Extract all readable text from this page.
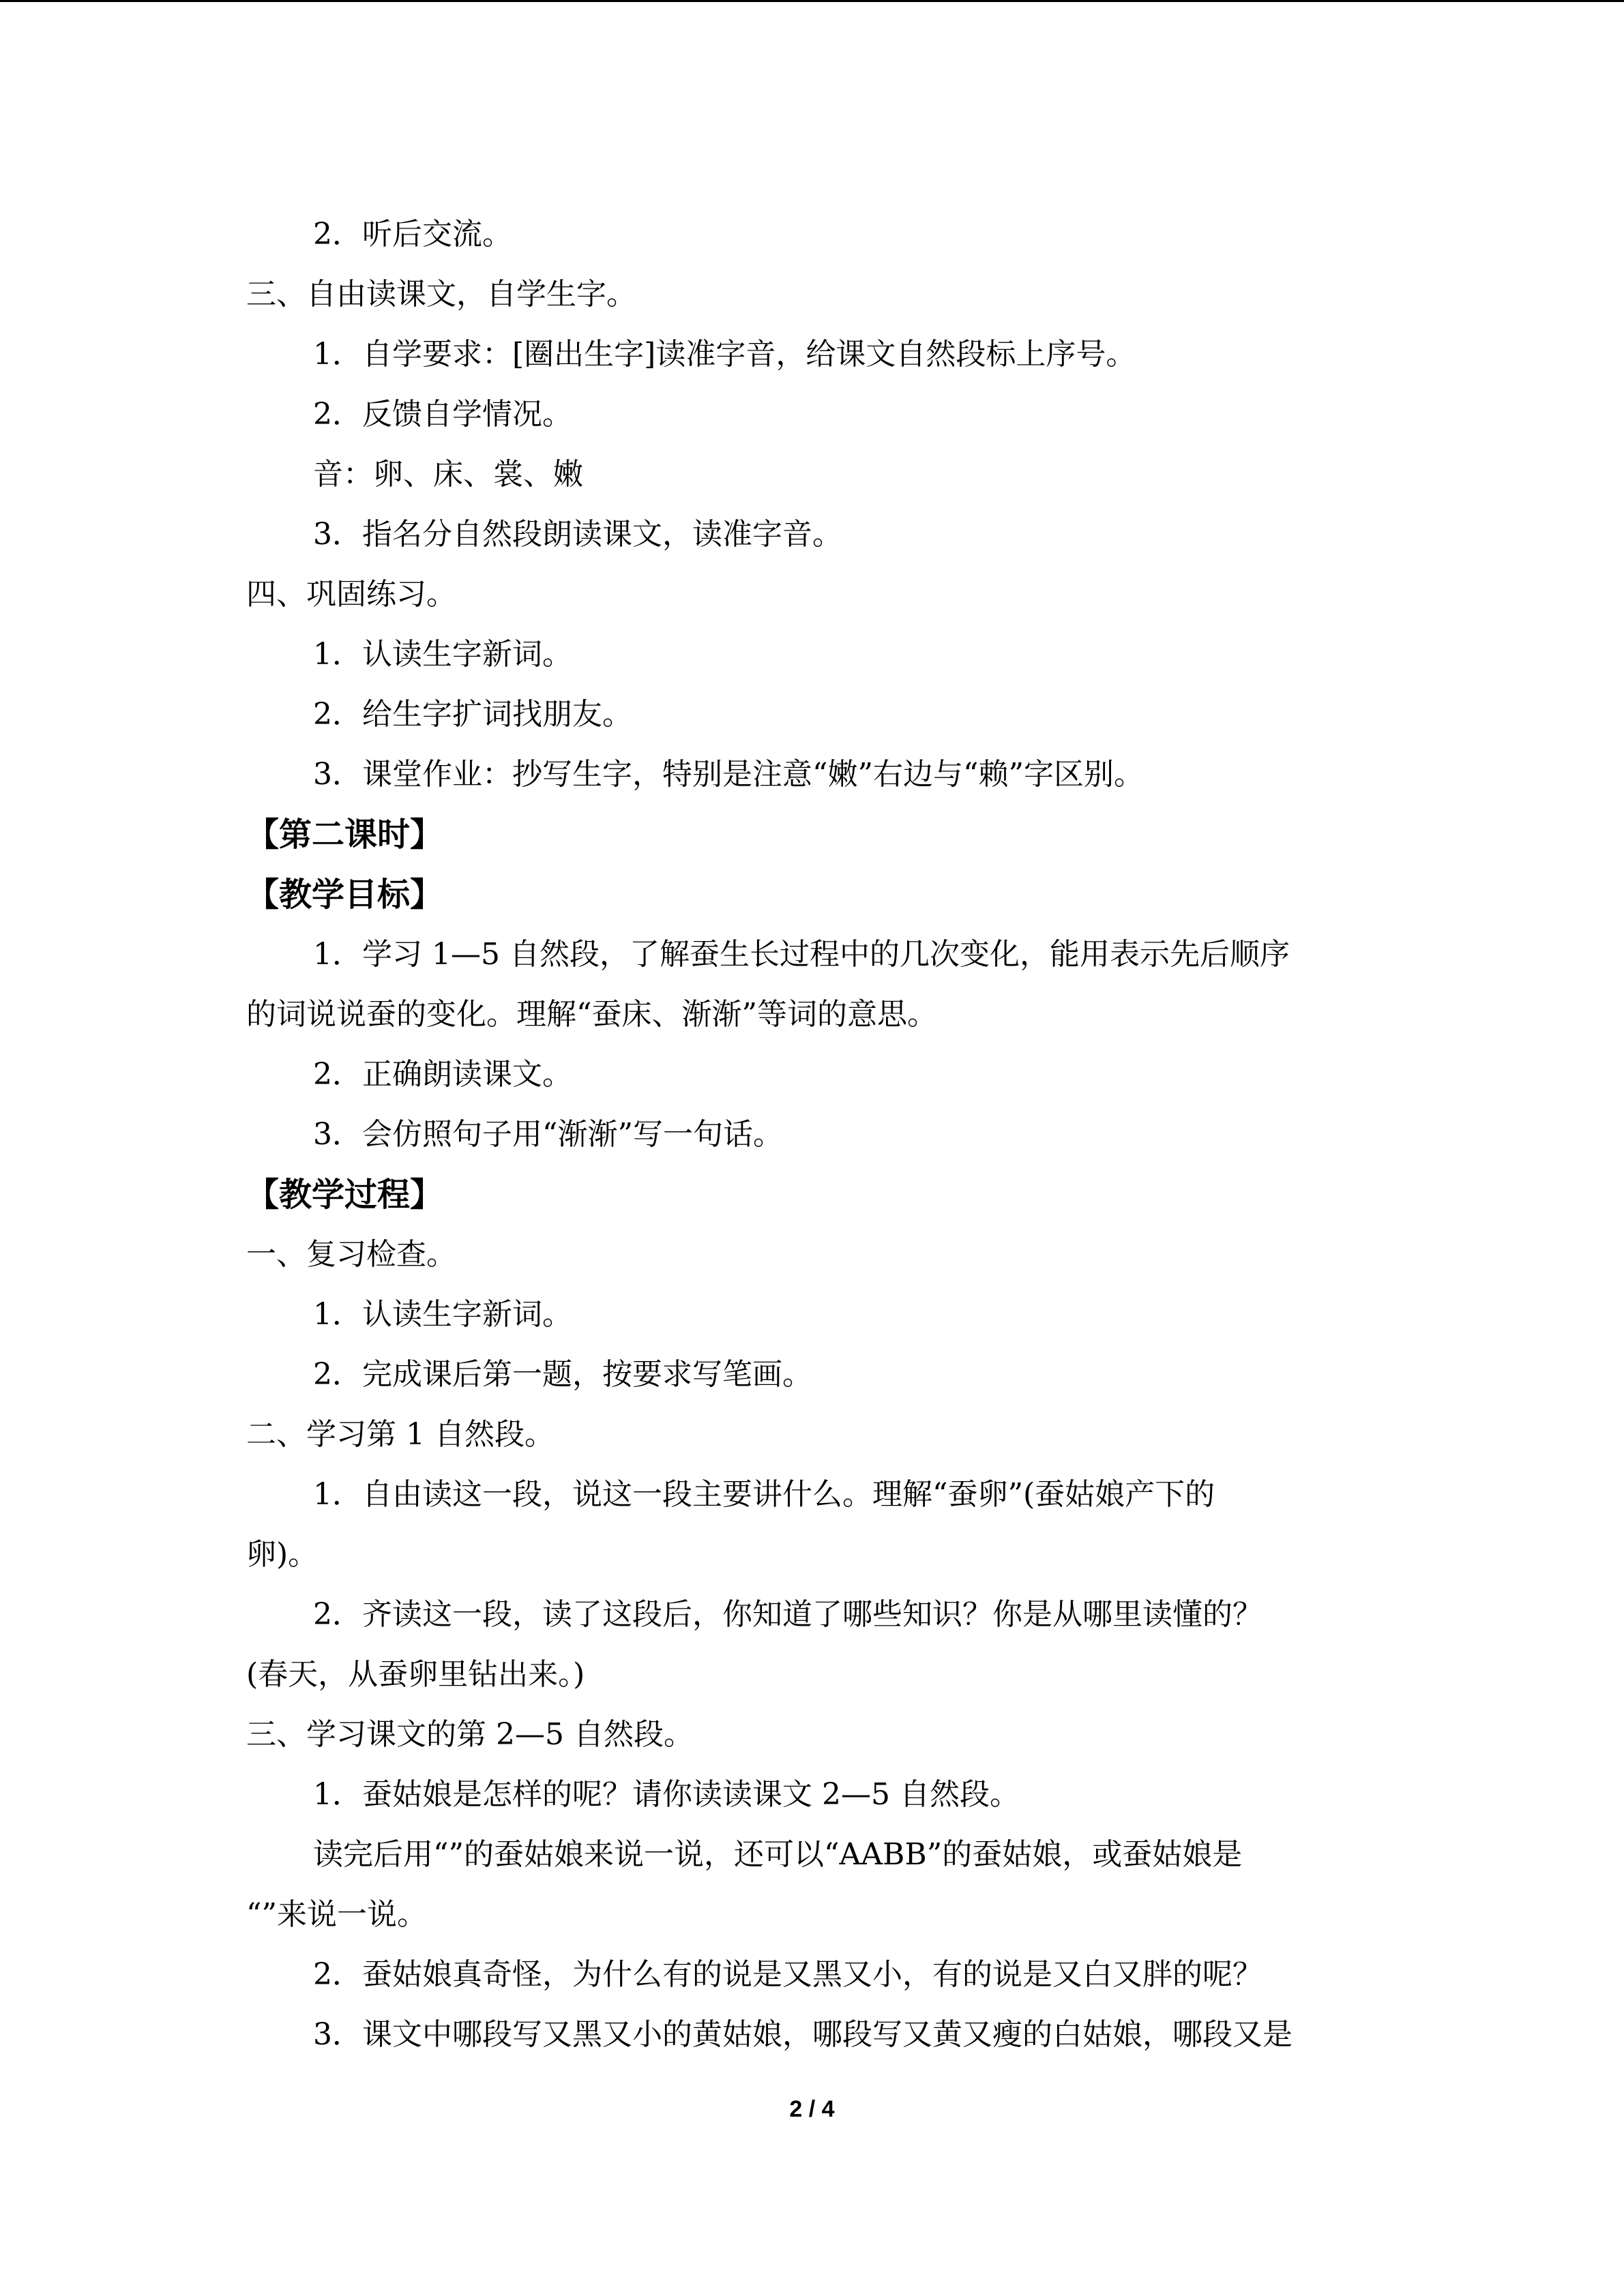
2．听后交流。
三、自由读课文，自学生字。
1．自学要求：[圈出生字]读准字音，给课文自然段标上序号。
2．反馈自学情况。
音：卵、床、裳、嫩
3．指名分自然段朗读课文，读准字音。
四、巩固练习。
1．认读生字新词。
2．给生字扩词找朋友。
3．课堂作业：抄写生字，特别是注意“嫩”右边与“赖”字区别。
【第二课时】
【教学目标】
1．学习 1—5 自然段，了解蚕生长过程中的几次变化，能用表示先后顺序
的词说说蚕的变化。理解“蚕床、渐渐”等词的意思。
2．正确朗读课文。
3．会仿照句子用“渐渐”写一句话。
【教学过程】
一、复习检查。
1．认读生字新词。
2．完成课后第一题，按要求写笔画。
二、学习第 1 自然段。
1．自由读这一段，说这一段主要讲什么。理解“蚕卵”(蚕姑娘产下的
卵)。
2．齐读这一段，读了这段后，你知道了哪些知识？你是从哪里读懂的？
(春天，从蚕卵里钻出来。)
三、学习课文的第 2—5 自然段。
1．蚕姑娘是怎样的呢？请你读读课文 2—5 自然段。
读完后用“”的蚕姑娘来说一说，还可以“AABB”的蚕姑娘，或蚕姑娘是
“”来说一说。
2．蚕姑娘真奇怪，为什么有的说是又黑又小，有的说是又白又胖的呢？
3．课文中哪段写又黑又小的黄姑娘，哪段写又黄又瘦的白姑娘，哪段又是
2 / 4
